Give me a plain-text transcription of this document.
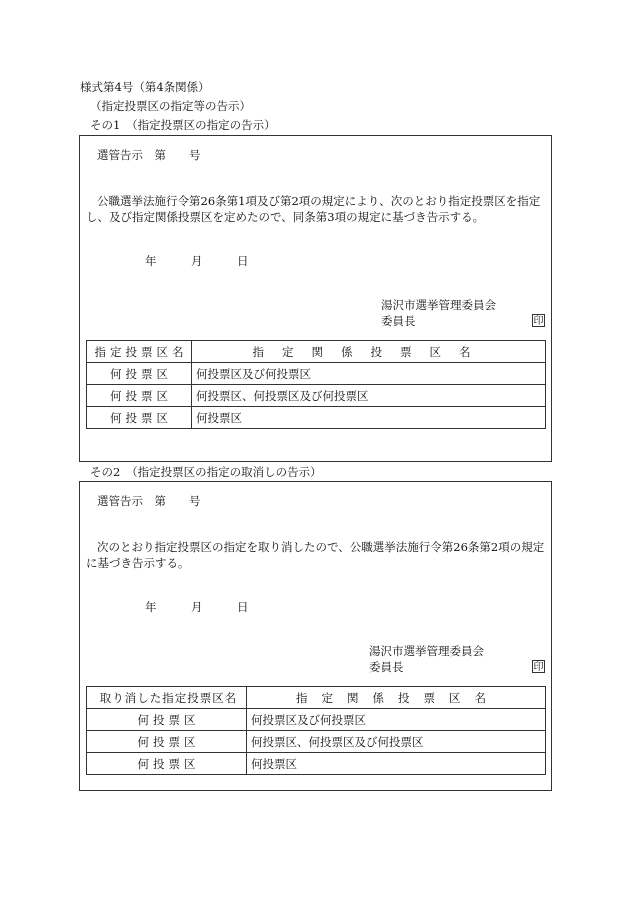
様式第4号（第4条関係）
（指定投票区の指定等の告示）
その1　（指定投票区の指定の告示）
選管告示　第　　号
公職選挙法施行令第26条第1項及び第2項の規定により、次のとおり指定投票区を指定
し、及び指定関係投票区を定めたので、同条第3項の規定に基づき告示する。
年　　　月　　　日
湯沢市選挙管理委員会
委員長	印
指定投票区名	指定関係投票区名
何投票区	何投票区及び何投票区
何投票区	何投票区、何投票区及び何投票区
何投票区	何投票区
その2　（指定投票区の指定の取消しの告示）
選管告示　第　　号
次のとおり指定投票区の指定を取り消したので、公職選挙法施行令第26条第2項の規定
に基づき告示する。
年　　　月　　　日
湯沢市選挙管理委員会
委員長	印
取り消した指定投票区名	指定関係投票区名
何投票区	何投票区及び何投票区
何投票区	何投票区、何投票区及び何投票区
何投票区	何投票区
